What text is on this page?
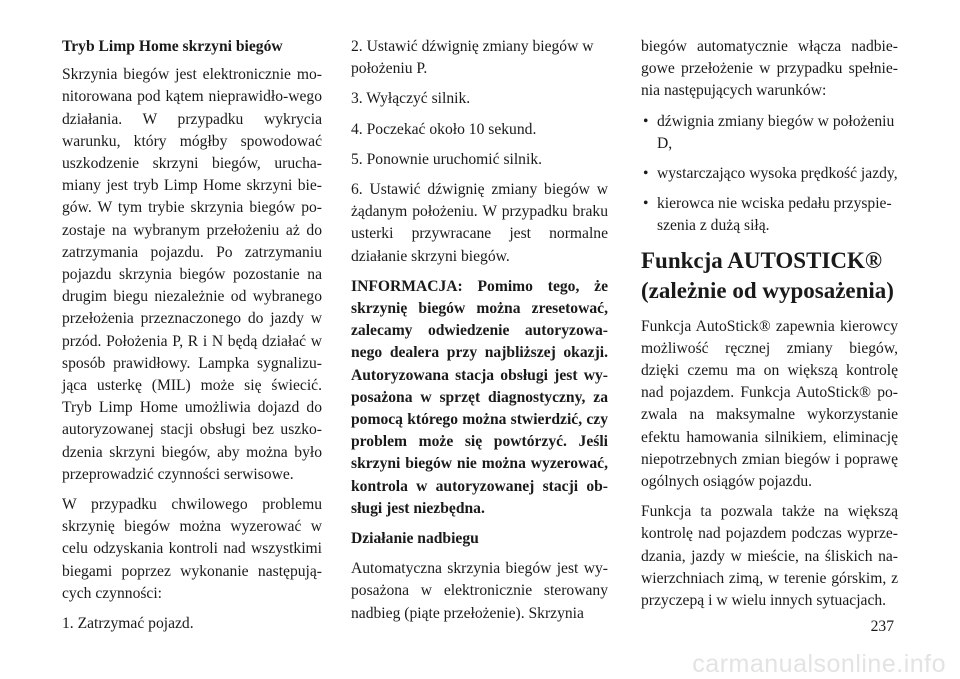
Tryb Limp Home skrzyni biegów

Skrzynia biegów jest elektronicznie mo-nitorowana pod kątem nieprawidło-wego działania. W przypadku wykrycia warunku, który mógłby spowodować uszkodzenie skrzyni biegów, urucha-miany jest tryb Limp Home skrzyni bie-gów. W tym trybie skrzynia biegów po-zostaje na wybranym przełożeniu aż do zatrzymania pojazdu. Po zatrzymaniu pojazdu skrzynia biegów pozostanie na drugim biegu niezależnie od wybranego przełożenia przeznaczonego do jazdy w przód. Położenia P, R i N będą działać w sposób prawidłowy. Lampka sygnalizu-jąca usterkę (MIL) może się świecić. Tryb Limp Home umożliwia dojazd do autoryzowanej stacji obsługi bez uszko-dzenia skrzyni biegów, aby można było przeprowadzić czynności serwisowe.

W przypadku chwilowego problemu skrzynię biegów można wyzerować w celu odzyskania kontroli nad wszystkimi biegami poprzez wykonanie następują-cych czynności:

1. Zatrzymać pojazd.

2. Ustawić dźwignię zmiany biegów w położeniu P.

3. Wyłączyć silnik.

4. Poczekać około 10 sekund.

5. Ponownie uruchomić silnik.

6. Ustawić dźwignię zmiany biegów w żądanym położeniu. W przypadku braku usterki przywracane jest normalne działanie skrzyni biegów.

INFORMACJA: Pomimo tego, że skrzynię biegów można zresetować, zalecamy odwiedzenie autoryzowa-nego dealera przy najbliższej okazji. Autoryzowana stacja obsługi jest wy-posażona w sprzęt diagnostyczny, za pomocą którego można stwierdzić, czy problem może się powtórzyć. Jeśli skrzyni biegów nie można wyzerować, kontrola w autoryzowanej stacji ob-sługi jest niezbędna.

Działanie nadbiegu

Automatyczna skrzynia biegów jest wy-posażona w elektronicznie sterowany nadbieg (piąte przełożenie). Skrzynia

biegów automatycznie włącza nadbie-gowe przełożenie w przypadku spełnie-nia następujących warunków:

• dźwignia zmiany biegów w położeniu D,
• wystarczająco wysoka prędkość jazdy,
• kierowca nie wciska pedału przyspie-szenia z dużą siłą.
Funkcja AUTOSTICK®
(zależnie od wyposażenia)

Funkcja AutoStick® zapewnia kierowcy możliwość ręcznej zmiany biegów, dzięki czemu ma on większą kontrolę nad pojazdem. Funkcja AutoStick® po-zwala na maksymalne wykorzystanie efektu hamowania silnikiem, eliminację niepotrzebnych zmian biegów i poprawę ogólnych osiągów pojazdu.

Funkcja ta pozwala także na większą kontrolę nad pojazdem podczas wyprze-dzania, jazdy w mieście, na śliskich na-wierzchniach zimą, w terenie górskim, z przyczepą i w wielu innych sytuacjach.

237
carmanualsonline.info
